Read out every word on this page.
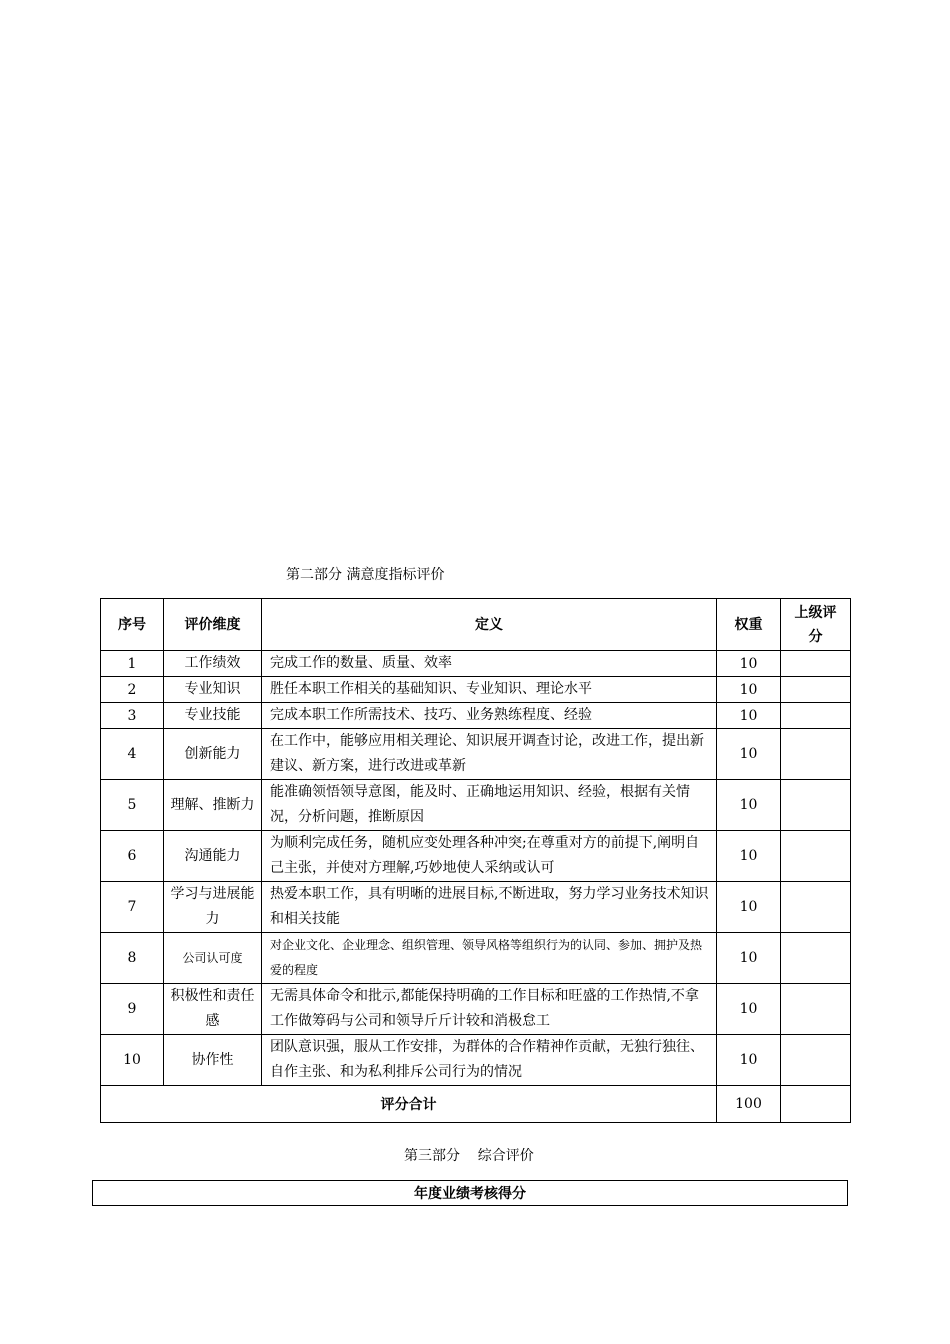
第二部分 满意度指标评价
序号	评价维度	定义	权重	上级评分
1	工作绩效	完成工作的数量、质量、效率	10	
2	专业知识	胜任本职工作相关的基础知识、专业知识、理论水平	10	
3	专业技能	完成本职工作所需技术、技巧、业务熟练程度、经验	10	
4	创新能力	在工作中，能够应用相关理论、知识展开调查讨论，改进工作，提出新建议、新方案，进行改进或革新	10	
5	理解、推断力	能准确领悟领导意图，能及时、正确地运用知识、经验，根据有关情况，分析问题，推断原因	10	
6	沟通能力	为顺利完成任务，随机应变处理各种冲突;在尊重对方的前提下,阐明自己主张，并使对方理解,巧妙地使人采纳或认可	10	
7	学习与进展能力	热爱本职工作，具有明晰的进展目标,不断进取，努力学习业务技术知识和相关技能	10	
8	公司认可度	对企业文化、企业理念、组织管理、领导风格等组织行为的认同、参加、拥护及热爱的程度	10	
9	积极性和责任感	无需具体命令和批示,都能保持明确的工作目标和旺盛的工作热情,不拿工作做筹码与公司和领导斤斤计较和消极怠工	10	
10	协作性	团队意识强，服从工作安排，为群体的合作精神作贡献，无独行独往、自作主张、和为私利排斥公司行为的情况	10	
评分合计			100	
第三部分    综合评价
年度业绩考核得分
